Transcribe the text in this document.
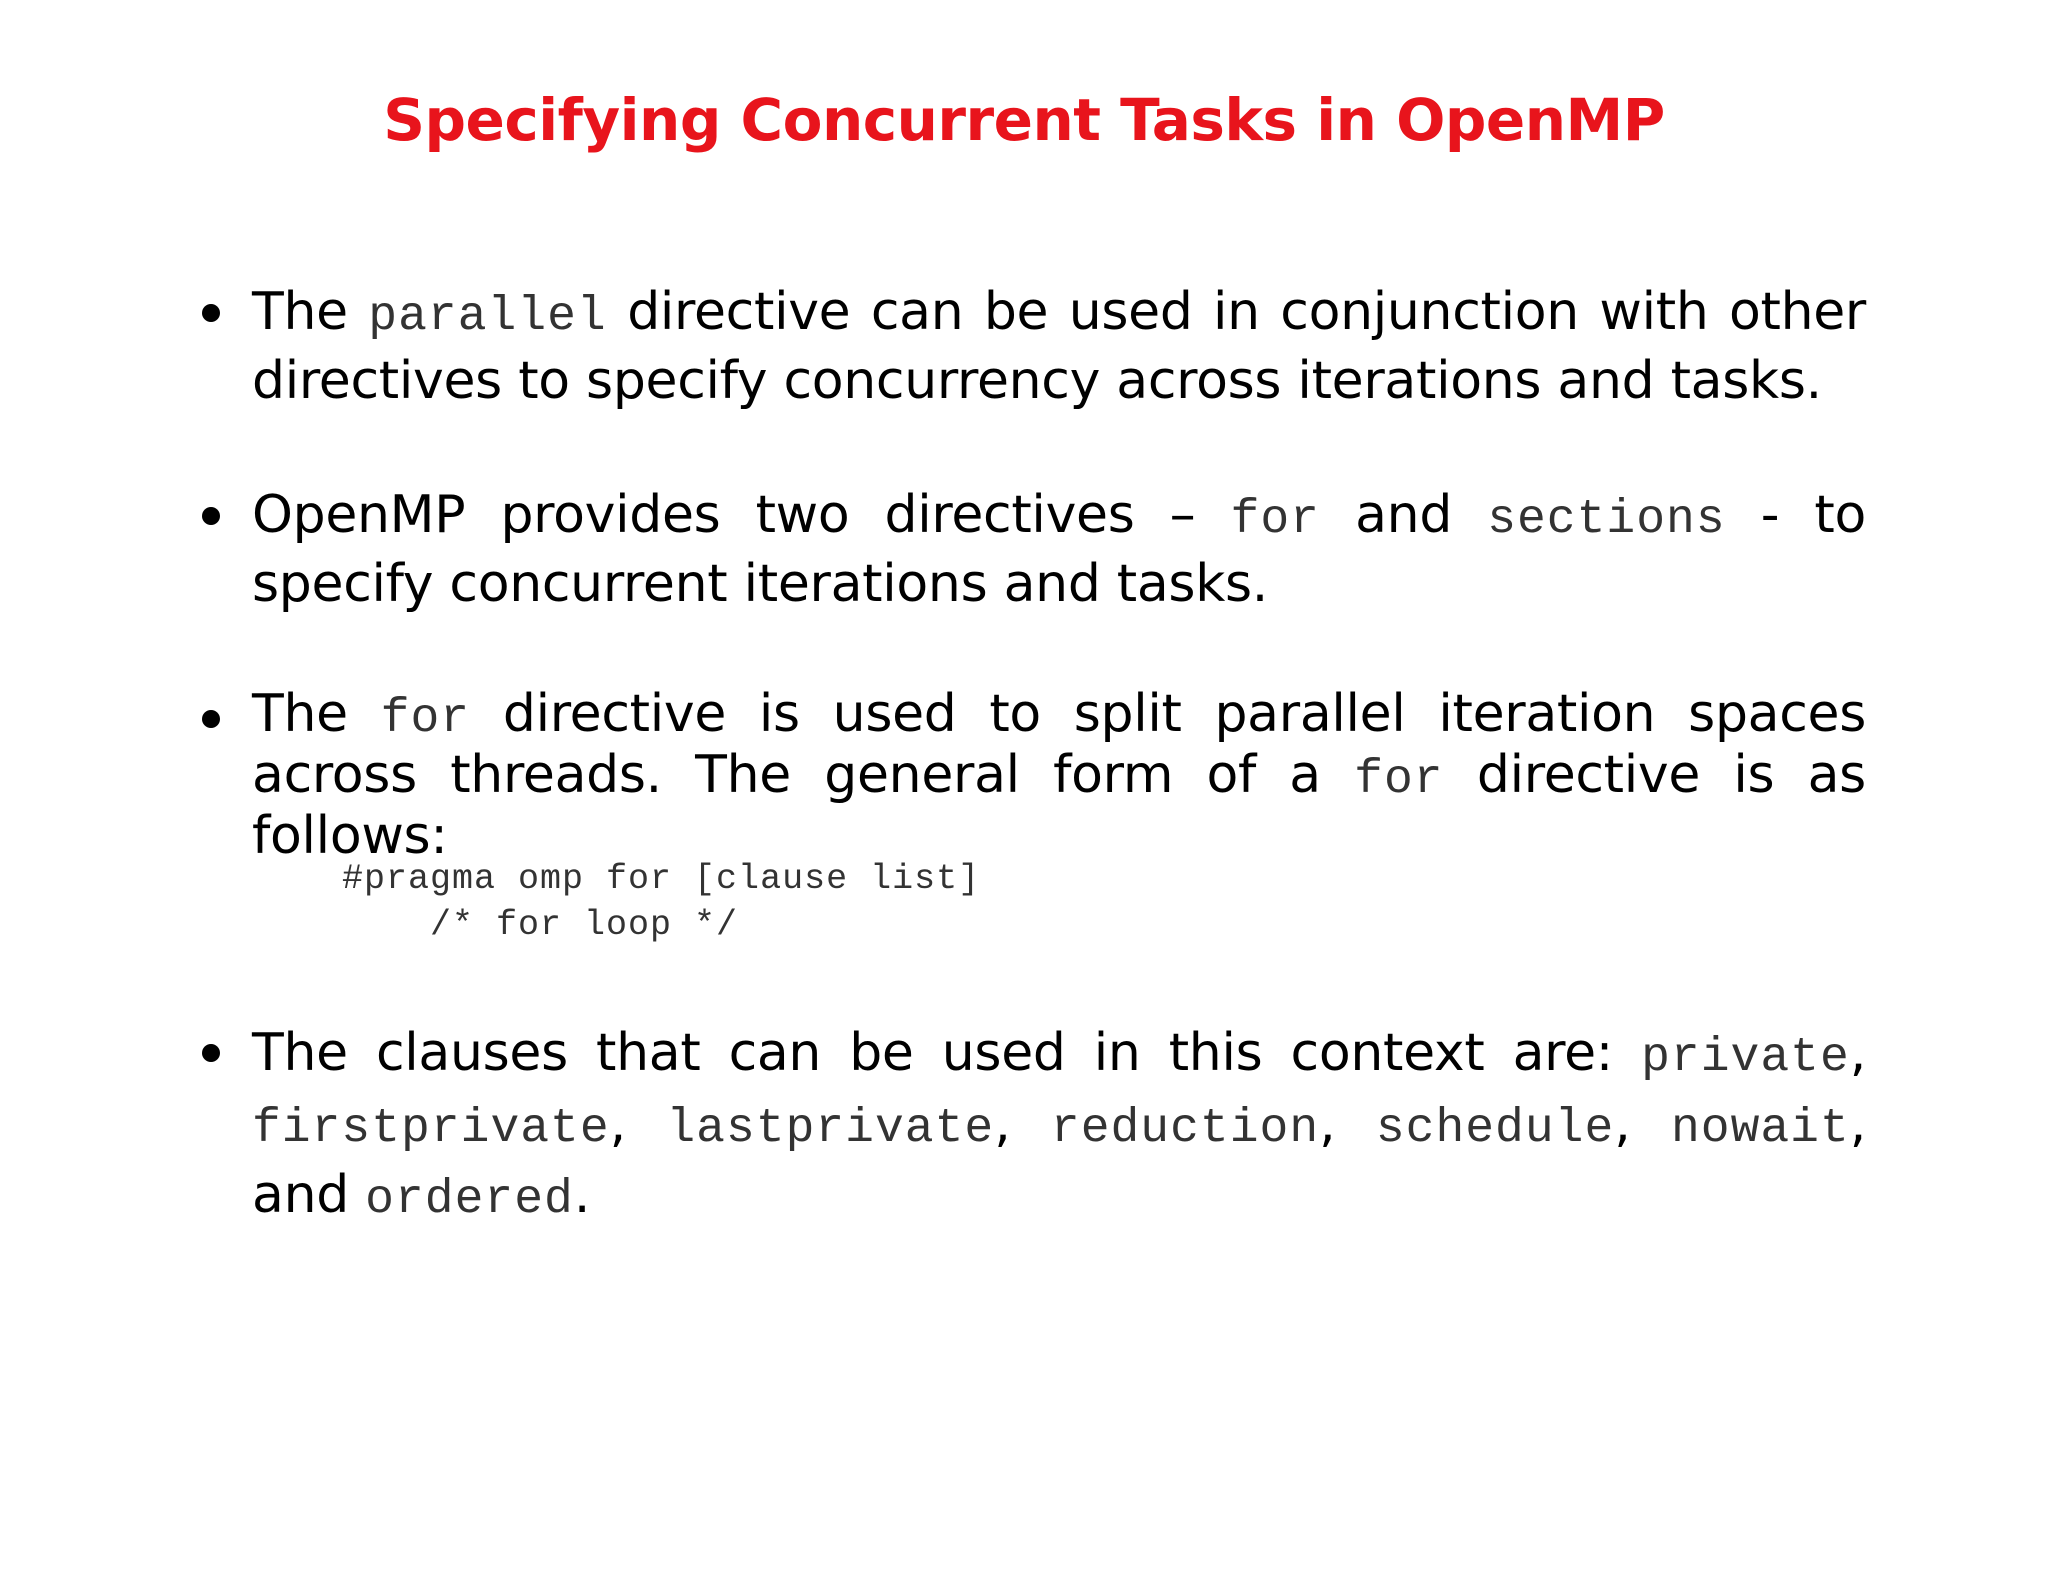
Specifying Concurrent Tasks in OpenMP
The parallel directive can be used in conjunction with other directives to specify concurrency across iterations and tasks.
OpenMP provides two directives – for and sections - to specify concurrent iterations and tasks.
The for directive is used to split parallel iteration spaces across threads. The general form of a for directive is as follows:
#pragma omp for [clause list]
/* for loop */
The clauses that can be used in this context are: private, firstprivate, lastprivate, reduction, schedule, nowait, and ordered.
